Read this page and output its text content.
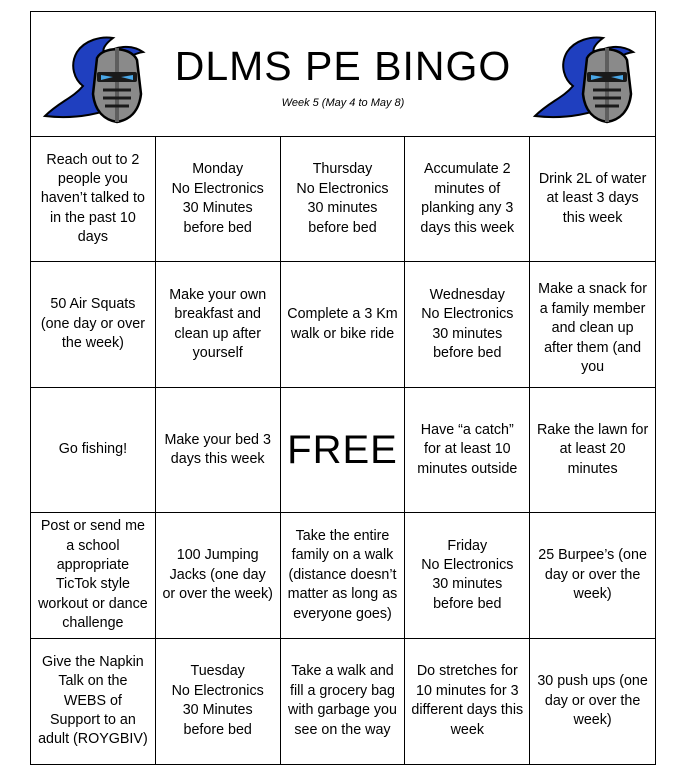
DLMS PE BINGO
Week 5 (May 4 to May 8)
Reach out to 2 people you haven’t talked to in the past 10 days
Monday
No Electronics
30 Minutes before bed
Thursday
No Electronics
30 minutes before bed
Accumulate 2 minutes of planking any 3 days this week
Drink 2L of water at least 3 days this week
50 Air Squats (one day or over the week)
Make your own breakfast and clean up after yourself
Complete a 3 Km walk or bike ride
Wednesday
No Electronics
30 minutes before bed
Make a snack for a family member and clean up after them (and you
Go fishing!
Make your bed 3 days this week FREE	Have “a catch” for at least 10 minutes outside
Rake the lawn for at least 20 minutes
Post or send me a school appropriate TicTok style workout or dance challenge
100 Jumping Jacks (one day or over the week)
Take the entire family on a walk (distance doesn’t matter as long as everyone goes)
Friday
No Electronics
30 minutes before bed
25 Burpee’s (one day or over the week)
Give the Napkin Talk on the WEBS of Support to an adult (ROYGBIV)
Tuesday
No Electronics
30 Minutes before bed
Take a walk and fill a grocery bag with garbage you see on the way
Do stretches for 10 minutes for 3 different days this week
30 push ups (one day or over the week)
